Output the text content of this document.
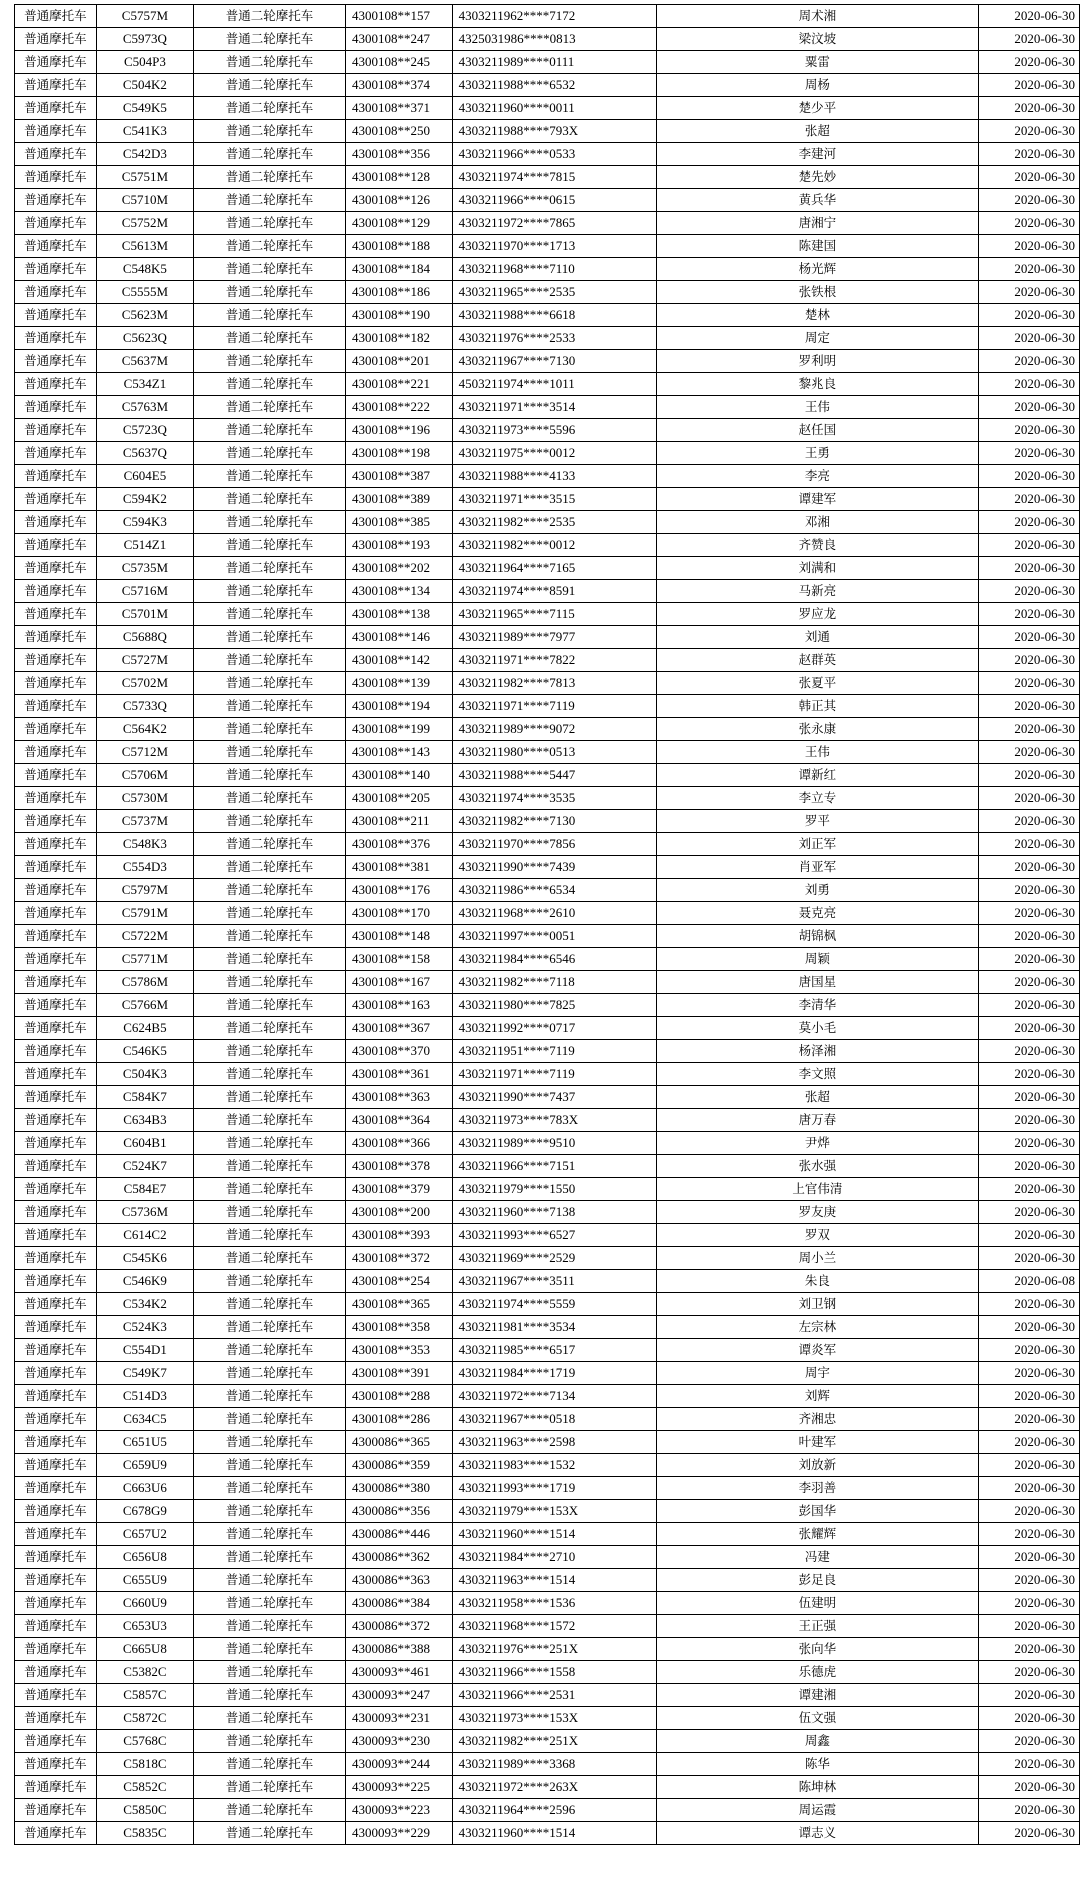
普通摩托车	C5757M	普通二轮摩托车	4300108**157	4303211962****7172	周术湘	2020-06-30
普通摩托车	C5973Q	普通二轮摩托车	4300108**247	4325031986****0813	梁汶坡	2020-06-30
普通摩托车	C504P3	普通二轮摩托车	4300108**245	4303211989****0111	粟雷	2020-06-30
普通摩托车	C504K2	普通二轮摩托车	4300108**374	4303211988****6532	周杨	2020-06-30
普通摩托车	C549K5	普通二轮摩托车	4300108**371	4303211960****0011	楚少平	2020-06-30
普通摩托车	C541K3	普通二轮摩托车	4300108**250	4303211988****793X	张超	2020-06-30
普通摩托车	C542D3	普通二轮摩托车	4300108**356	4303211966****0533	李建河	2020-06-30
普通摩托车	C5751M	普通二轮摩托车	4300108**128	4303211974****7815	楚先妙	2020-06-30
普通摩托车	C5710M	普通二轮摩托车	4300108**126	4303211966****0615	黄兵华	2020-06-30
普通摩托车	C5752M	普通二轮摩托车	4300108**129	4303211972****7865	唐湘宁	2020-06-30
普通摩托车	C5613M	普通二轮摩托车	4300108**188	4303211970****1713	陈建国	2020-06-30
普通摩托车	C548K5	普通二轮摩托车	4300108**184	4303211968****7110	杨光辉	2020-06-30
普通摩托车	C5555M	普通二轮摩托车	4300108**186	4303211965****2535	张铁根	2020-06-30
普通摩托车	C5623M	普通二轮摩托车	4300108**190	4303211988****6618	楚林	2020-06-30
普通摩托车	C5623Q	普通二轮摩托车	4300108**182	4303211976****2533	周定	2020-06-30
普通摩托车	C5637M	普通二轮摩托车	4300108**201	4303211967****7130	罗利明	2020-06-30
普通摩托车	C534Z1	普通二轮摩托车	4300108**221	4503211974****1011	黎兆良	2020-06-30
普通摩托车	C5763M	普通二轮摩托车	4300108**222	4303211971****3514	王伟	2020-06-30
普通摩托车	C5723Q	普通二轮摩托车	4300108**196	4303211973****5596	赵任国	2020-06-30
普通摩托车	C5637Q	普通二轮摩托车	4300108**198	4303211975****0012	王勇	2020-06-30
普通摩托车	C604E5	普通二轮摩托车	4300108**387	4303211988****4133	李亮	2020-06-30
普通摩托车	C594K2	普通二轮摩托车	4300108**389	4303211971****3515	谭建军	2020-06-30
普通摩托车	C594K3	普通二轮摩托车	4300108**385	4303211982****2535	邓湘	2020-06-30
普通摩托车	C514Z1	普通二轮摩托车	4300108**193	4303211982****0012	齐赞良	2020-06-30
普通摩托车	C5735M	普通二轮摩托车	4300108**202	4303211964****7165	刘满和	2020-06-30
普通摩托车	C5716M	普通二轮摩托车	4300108**134	4303211974****8591	马新亮	2020-06-30
普通摩托车	C5701M	普通二轮摩托车	4300108**138	4303211965****7115	罗应龙	2020-06-30
普通摩托车	C5688Q	普通二轮摩托车	4300108**146	4303211989****7977	刘通	2020-06-30
普通摩托车	C5727M	普通二轮摩托车	4300108**142	4303211971****7822	赵群英	2020-06-30
普通摩托车	C5702M	普通二轮摩托车	4300108**139	4303211982****7813	张夏平	2020-06-30
普通摩托车	C5733Q	普通二轮摩托车	4300108**194	4303211971****7119	韩正其	2020-06-30
普通摩托车	C564K2	普通二轮摩托车	4300108**199	4303211989****9072	张永康	2020-06-30
普通摩托车	C5712M	普通二轮摩托车	4300108**143	4303211980****0513	王伟	2020-06-30
普通摩托车	C5706M	普通二轮摩托车	4300108**140	4303211988****5447	谭新红	2020-06-30
普通摩托车	C5730M	普通二轮摩托车	4300108**205	4303211974****3535	李立专	2020-06-30
普通摩托车	C5737M	普通二轮摩托车	4300108**211	4303211982****7130	罗平	2020-06-30
普通摩托车	C548K3	普通二轮摩托车	4300108**376	4303211970****7856	刘正军	2020-06-30
普通摩托车	C554D3	普通二轮摩托车	4300108**381	4303211990****7439	肖亚军	2020-06-30
普通摩托车	C5797M	普通二轮摩托车	4300108**176	4303211986****6534	刘勇	2020-06-30
普通摩托车	C5791M	普通二轮摩托车	4300108**170	4303211968****2610	聂克亮	2020-06-30
普通摩托车	C5722M	普通二轮摩托车	4300108**148	4303211997****0051	胡锦枫	2020-06-30
普通摩托车	C5771M	普通二轮摩托车	4300108**158	4303211984****6546	周颖	2020-06-30
普通摩托车	C5786M	普通二轮摩托车	4300108**167	4303211982****7118	唐国星	2020-06-30
普通摩托车	C5766M	普通二轮摩托车	4300108**163	4303211980****7825	李清华	2020-06-30
普通摩托车	C624B5	普通二轮摩托车	4300108**367	4303211992****0717	莫小毛	2020-06-30
普通摩托车	C546K5	普通二轮摩托车	4300108**370	4303211951****7119	杨泽湘	2020-06-30
普通摩托车	C504K3	普通二轮摩托车	4300108**361	4303211971****7119	李文照	2020-06-30
普通摩托车	C584K7	普通二轮摩托车	4300108**363	4303211990****7437	张超	2020-06-30
普通摩托车	C634B3	普通二轮摩托车	4300108**364	4303211973****783X	唐万春	2020-06-30
普通摩托车	C604B1	普通二轮摩托车	4300108**366	4303211989****9510	尹烨	2020-06-30
普通摩托车	C524K7	普通二轮摩托车	4300108**378	4303211966****7151	张水强	2020-06-30
普通摩托车	C584E7	普通二轮摩托车	4300108**379	4303211979****1550	上官伟清	2020-06-30
普通摩托车	C5736M	普通二轮摩托车	4300108**200	4303211960****7138	罗友庚	2020-06-30
普通摩托车	C614C2	普通二轮摩托车	4300108**393	4303211993****6527	罗双	2020-06-30
普通摩托车	C545K6	普通二轮摩托车	4300108**372	4303211969****2529	周小兰	2020-06-30
普通摩托车	C546K9	普通二轮摩托车	4300108**254	4303211967****3511	朱良	2020-06-08
普通摩托车	C534K2	普通二轮摩托车	4300108**365	4303211974****5559	刘卫钢	2020-06-30
普通摩托车	C524K3	普通二轮摩托车	4300108**358	4303211981****3534	左宗林	2020-06-30
普通摩托车	C554D1	普通二轮摩托车	4300108**353	4303211985****6517	谭炎军	2020-06-30
普通摩托车	C549K7	普通二轮摩托车	4300108**391	4303211984****1719	周宇	2020-06-30
普通摩托车	C514D3	普通二轮摩托车	4300108**288	4303211972****7134	刘辉	2020-06-30
普通摩托车	C634C5	普通二轮摩托车	4300108**286	4303211967****0518	齐湘忠	2020-06-30
普通摩托车	C651U5	普通二轮摩托车	4300086**365	4303211963****2598	叶建军	2020-06-30
普通摩托车	C659U9	普通二轮摩托车	4300086**359	4303211983****1532	刘放新	2020-06-30
普通摩托车	C663U6	普通二轮摩托车	4300086**380	4303211993****1719	李羽善	2020-06-30
普通摩托车	C678G9	普通二轮摩托车	4300086**356	4303211979****153X	彭国华	2020-06-30
普通摩托车	C657U2	普通二轮摩托车	4300086**446	4303211960****1514	张耀辉	2020-06-30
普通摩托车	C656U8	普通二轮摩托车	4300086**362	4303211984****2710	冯建	2020-06-30
普通摩托车	C655U9	普通二轮摩托车	4300086**363	4303211963****1514	彭足良	2020-06-30
普通摩托车	C660U9	普通二轮摩托车	4300086**384	4303211958****1536	伍建明	2020-06-30
普通摩托车	C653U3	普通二轮摩托车	4300086**372	4303211968****1572	王正强	2020-06-30
普通摩托车	C665U8	普通二轮摩托车	4300086**388	4303211976****251X	张向华	2020-06-30
普通摩托车	C5382C	普通二轮摩托车	4300093**461	4303211966****1558	乐德虎	2020-06-30
普通摩托车	C5857C	普通二轮摩托车	4300093**247	4303211966****2531	谭建湘	2020-06-30
普通摩托车	C5872C	普通二轮摩托车	4300093**231	4303211973****153X	伍文强	2020-06-30
普通摩托车	C5768C	普通二轮摩托车	4300093**230	4303211982****251X	周鑫	2020-06-30
普通摩托车	C5818C	普通二轮摩托车	4300093**244	4303211989****3368	陈华	2020-06-30
普通摩托车	C5852C	普通二轮摩托车	4300093**225	4303211972****263X	陈坤林	2020-06-30
普通摩托车	C5850C	普通二轮摩托车	4300093**223	4303211964****2596	周运霞	2020-06-30
普通摩托车	C5835C	普通二轮摩托车	4300093**229	4303211960****1514	谭志义	2020-06-30
